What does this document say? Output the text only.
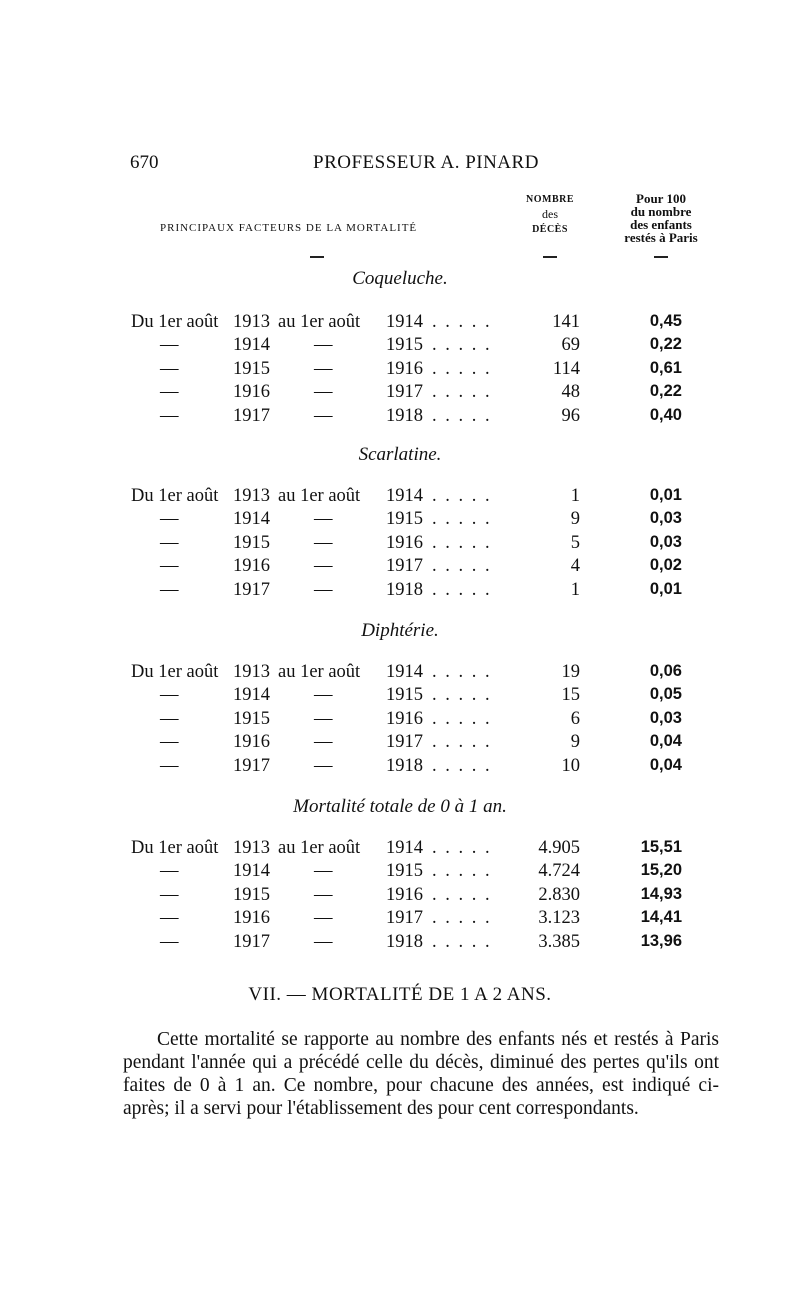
670	PROFESSEUR A. PINARD
PRINCIPAUX FACTEURS DE LA MORTALITÉ
NOMBRE
des
DÉCÈS
Pour 100
du nombre
des enfants
restés à Paris
Coqueluche.
Du 1er août 1913 au 1er août 1914 . . . . .	141	0,45
—	1914 —	1915 . . . . .	69	0,22
—	1915 —	1916 . . . . .	114	0,61
—	1916 —	1917 . . . . .	48	0,22
—	1917 —	1918 . . . . .	96	0,40
Scarlatine.
Du 1er août 1913 au 1er août 1914 . . . . .	1	0,01
—	1914 —	1915 . . . . .	9	0,03
—	1915 —	1916 . . . . .	5	0,03
—	1916 —	1917 . . . . .	4	0,02
—	1917 —	1918 . . . . .	1	0,01
Diphtérie.
Du 1er août 1913 au 1er août 1914 . . . . .	19	0,06
—	1914 —	1915 . . . . .	15	0,05
—	1915 —	1916 . . . . .	6	0,03
—	1916 —	1917 . . . . .	9	0,04
—	1917 —	1918 . . . . .	10	0,04
Mortalité totale de 0 à 1 an.
Du 1er août 1913 au 1er août 1914 . . . . .	4.905	15,51
—	1914 —	1915 . . . . .	4.724	15,20
—	1915 —	1916 . . . . .	2.830	14,93
—	1916 —	1917 . . . . .	3.123	14,41
—	1917 —	1918 . . . . .	3.385	13,96
VII. — MORTALITÉ DE 1 A 2 ANS.

Cette mortalité se rapporte au nombre des enfants nés et restés à Paris pendant l'année qui a précédé celle du décès, diminué des pertes qu'ils ont faites de 0 à 1 an. Ce nombre, pour chacune des années, est indiqué ci-après; il a servi pour l'établissement des pour cent correspondants.
